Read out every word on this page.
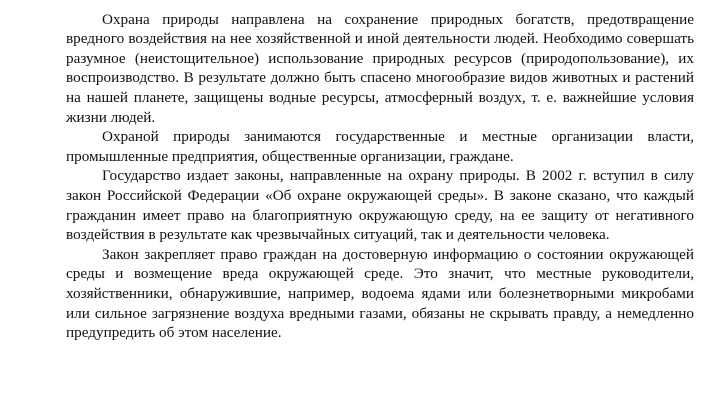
Охрана природы направлена на сохранение природных богатств, предотвращение вредного воздействия на нее хозяйственной и иной деятельности людей. Необходимо совершать разумное (неистощительное) использование природных ресурсов (природопользование), их воспроизводство. В результате должно быть спасено многообразие видов животных и растений на нашей планете, защищены водные ресурсы, атмосферный воздух, т. е. важнейшие условия жизни людей.

Охраной природы занимаются государственные и местные организации власти, промышленные предприятия, общественные организации, граждане.

Государство издает законы, направленные на охрану природы. В 2002 г. вступил в силу закон Российской Федерации «Об охране окружающей среды». В законе сказано, что каждый гражданин имеет право на благоприятную окружающую среду, на ее защиту от негативного воздействия в результате как чрезвычайных ситуаций, так и деятельности человека.

Закон закрепляет право граждан на достоверную информацию о состоянии окружающей среды и возмещение вреда окружающей среде. Это значит, что местные руководители, хозяйственники, обнаружившие, например, водоема ядами или болезнетворными микробами или сильное загрязнение воздуха вредными газами, обязаны не скрывать правду, а немедленно предупредить об этом население.
